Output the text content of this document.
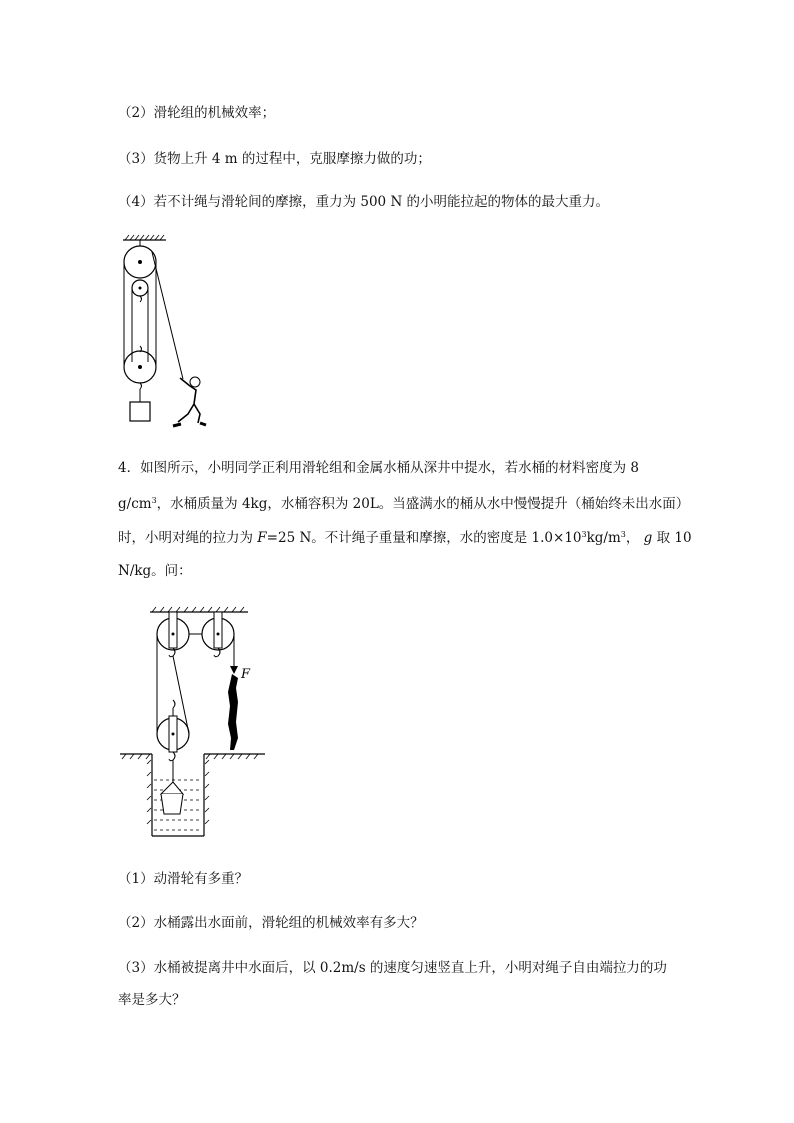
（2）滑轮组的机械效率；
（3）货物上升 4 m 的过程中，克服摩擦力做的功；
（4）若不计绳与滑轮间的摩擦，重力为 500 N 的小明能拉起的物体的最大重力。
4．如图所示，小明同学正利用滑轮组和金属水桶从深井中提水，若水桶的材料密度为 8
$g/cm^3$，水桶质量为 4kg，水桶容积为 20L。当盛满水的桶从水中慢慢提升（桶始终未出水面）
时，小明对绳的拉力为 F=25 N。不计绳子重量和摩擦，水的密度是 $1.0\times 10^3kg/m^3$， g 取 10
N/kg。问：
F
（1）动滑轮有多重？
（2）水桶露出水面前，滑轮组的机械效率有多大？
（3）水桶被提离井中水面后，以 0.2m/s 的速度匀速竖直上升，小明对绳子自由端拉力的功
率是多大？
